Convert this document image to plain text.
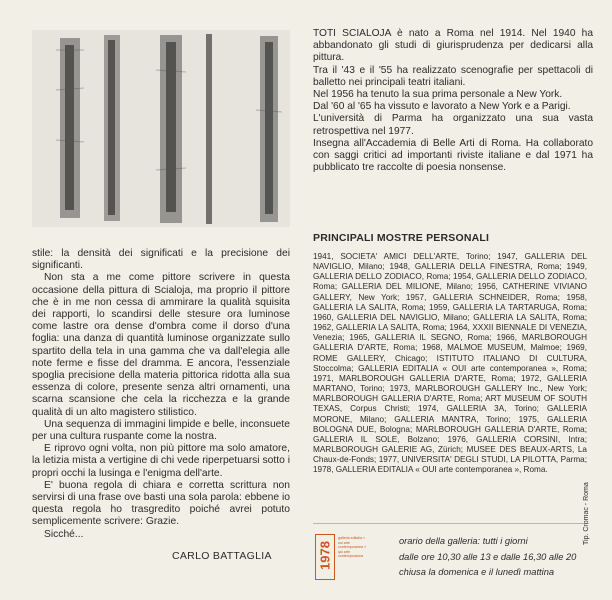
TOTI SCIALOJA è nato a Roma nel 1914. Nel 1940 ha abbandonato gli studi di giurisprudenza per dedicarsi alla pittura.

Tra il '43 e il '55 ha realizzato scenografie per spettacoli di balletto nei principali teatri italiani.

Nel 1956 ha tenuto la sua prima personale a New York.

Dal '60 al '65 ha vissuto e lavorato a New York e a Parigi.

L'università di Parma ha organizzato una sua vasta retrospettiva nel 1977.

Insegna all'Accademia di Belle Arti di Roma. Ha collaborato con saggi critici ad importanti riviste italiane e dal 1971 ha pubblicato tre raccolte di poesia nonsense.

PRINCIPALI MOSTRE PERSONALI
1941, SOCIETA' AMICI DELL'ARTE, Torino; 1947, GALLERIA DEL NAVIGLIO, Milano; 1948, GALLERIA DELLA FINESTRA, Roma; 1949, GALLERIA DELLO ZODIACO, Roma; 1954, GALLERIA DELLO ZODIACO, Roma; GALLERIA DEL MILIONE, Milano; 1956, CATHERINE VIVIANO GALLERY, New York; 1957, GALLERIA SCHNEIDER, Roma; 1958, GALLERIA LA SALITA, Roma; 1959, GALLERIA LA TARTARUGA, Roma; 1960, GALLERIA DEL NAVIGLIO, Milano; GALLERIA LA SALITA, Roma; 1962, GALLERIA LA SALITA, Roma; 1964, XXXII BIENNALE DI VENEZIA, Venezia; 1965, GALLERIA IL SEGNO, Roma; 1966, MARLBOROUGH GALLERIA D'ARTE, Roma; 1968, MALMOE MUSEUM, Malmoe; 1969, ROME GALLERY, Chicago; ISTITUTO ITALIANO DI CULTURA, Stoccolma; GALLERIA EDITALIA « OUI arte contemporanea », Roma; 1971, MARLBOROUGH GALLERIA D'ARTE, Roma; 1972, GALLERIA MARTANO, Torino; 1973, MARLBOROUGH GALLERY Inc., New York; MARLBOROUGH GALLERIA D'ARTE, Roma; ART MUSEUM OF SOUTH TEXAS, Corpus Christi; 1974, GALLERIA 3A, Torino; GALLERIA MORONE, Milano; GALLERIA MANTRA, Torino; 1975, GALLERIA BOLOGNA DUE, Bologna; MARLBOROUGH GALLERIA D'ARTE, Roma; GALLERIA IL SOLE, Bolzano; 1976, GALLERIA CORSINI, Intra; MARLBOROUGH GALERIE AG, Zürich; MUSEE DES BEAUX-ARTS, La Chaux-de-Fonds; 1977, UNIVERSITA' DEGLI STUDI, LA PILOTTA, Parma; 1978, GALLERIA EDITALIA « OUI arte contemporanea », Roma.

stile: la densità dei significati e la precisione dei significanti.

Non sta a me come pittore scrivere in questa occasione della pittura di Scialoja, ma proprio il pittore che è in me non cessa di ammirare la qualità squisita dei rapporti, lo scandirsi delle stesure ora luminose come lastre ora dense d'ombra come il dorso d'una foglia: una danza di quantità luminose organizzate sullo spartito della tela in una gamma che va dall'elegia alle note ferme e fisse del dramma. E ancora, l'essenziale spoglia precisione della materia pittorica ridotta alla sua essenza di colore, presente senza altri ornamenti, una scarna scansione che cela la ricchezza e la grande qualità di un alto magistero stilistico.

Una sequenza di immagini limpide e belle, inconsuete per una cultura ruspante come la nostra.

E riprovo ogni volta, non più pittore ma solo amatore, la letizia mista a vertigine di chi vede riperpetuarsi sotto i propri occhi la lusinga e l'enigma dell'arte.

E' buona regola di chiara e corretta scrittura non servirsi di una frase ove basti una sola parola: ebbene io questa regola ho trasgredito poiché avrei potuto semplicemente scrivere: Grazie.

Sicché...

CARLO BATTAGLIA	1978
galleria editalia « oui arte contemporanea » qui arte contemporanea
orario della galleria: tutti i giorni
dalle ore 10,30 alle 13 e dalle 16,30 alle 20
chiusa la domenica e il lunedì mattina
Tip. Cromac - Roma
